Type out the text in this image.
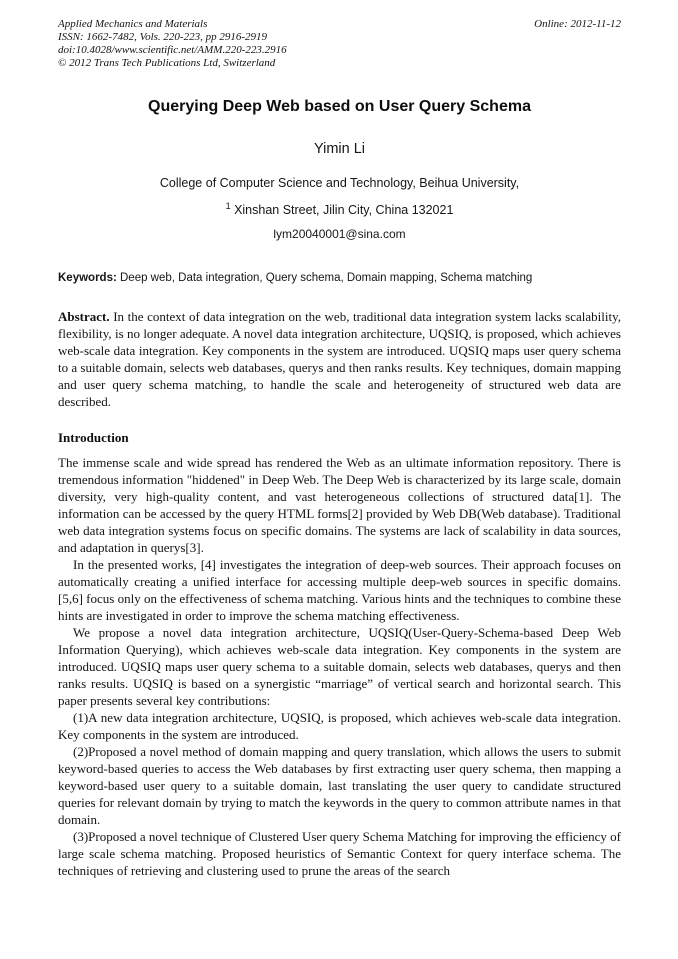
Applied Mechanics and Materials
ISSN: 1662-7482, Vols. 220-223, pp 2916-2919
doi:10.4028/www.scientific.net/AMM.220-223.2916
© 2012 Trans Tech Publications Ltd, Switzerland
Online: 2012-11-12
Querying Deep Web based on User Query Schema
Yimin Li
College of Computer Science and Technology, Beihua University,
$^1$ Xinshan Street, Jilin City, China 132021
lym20040001@sina.com
Keywords: Deep web, Data integration, Query schema, Domain mapping, Schema matching

Abstract. In the context of data integration on the web, traditional data integration system lacks scalability, flexibility, is no longer adequate. A novel data integration architecture, UQSIQ, is proposed, which achieves web-scale data integration. Key components in the system are introduced. UQSIQ maps user query schema to a suitable domain, selects web databases, querys and then ranks results. Key techniques, domain mapping and user query schema matching, to handle the scale and heterogeneity of structured web data are described.

Introduction

The immense scale and wide spread has rendered the Web as an ultimate information repository. There is tremendous information "hiddened" in Deep Web. The Deep Web is characterized by its large scale, domain diversity, very high-quality content, and vast heterogeneous collections of structured data[1]. The information can be accessed by the query HTML forms[2] provided by Web DB(Web database). Traditional web data integration systems focus on specific domains. The systems are lack of scalability in data sources, and adaptation in querys[3].

In the presented works, [4] investigates the integration of deep-web sources. Their approach focuses on automatically creating a unified interface for accessing multiple deep-web sources in specific domains. [5,6] focus only on the effectiveness of schema matching. Various hints and the techniques to combine these hints are investigated in order to improve the schema matching effectiveness.

We propose a novel data integration architecture, UQSIQ(User-Query-Schema-based Deep Web Information Querying), which achieves web-scale data integration. Key components in the system are introduced. UQSIQ maps user query schema to a suitable domain, selects web databases, querys and then ranks results. UQSIQ is based on a synergistic “marriage” of vertical search and horizontal search. This paper presents several key contributions:

(1)A new data integration architecture, UQSIQ, is proposed, which achieves web-scale data integration. Key components in the system are introduced.

(2)Proposed a novel method of domain mapping and query translation, which allows the users to submit keyword-based queries to access the Web databases by first extracting user query schema, then mapping a keyword-based user query to a suitable domain, last translating the user query to candidate structured queries for relevant domain by trying to match the keywords in the query to common attribute names in that domain.

(3)Proposed a novel technique of Clustered User query Schema Matching for improving the efficiency of large scale schema matching. Proposed heuristics of Semantic Context for query interface schema. The techniques of retrieving and clustering used to prune the areas of the search
